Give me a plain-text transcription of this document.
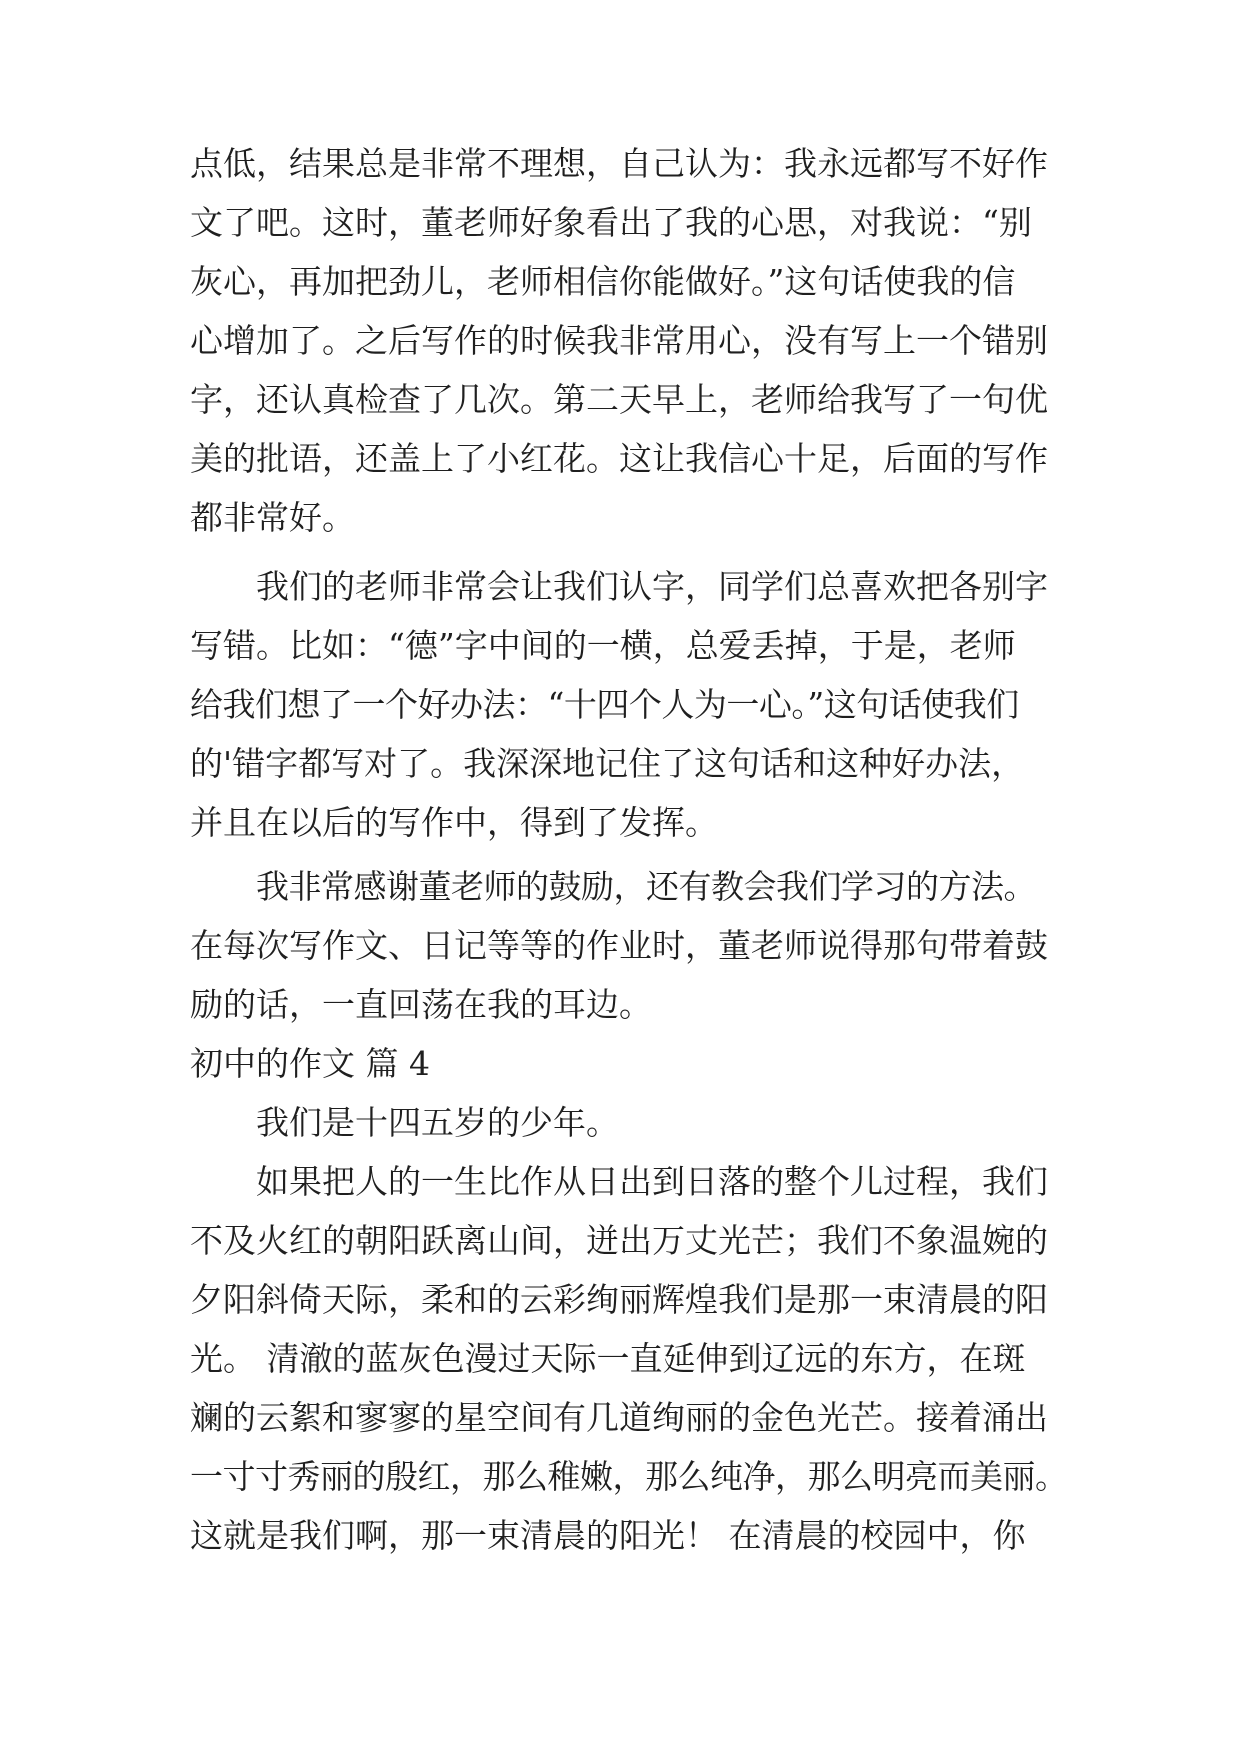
点低，结果总是非常不理想，自己认为：我永远都写不好作
文了吧。这时，董老师好象看出了我的心思，对我说：“别
灰心，再加把劲儿，老师相信你能做好。”这句话使我的信
心增加了。之后写作的时候我非常用心，没有写上一个错别
字，还认真检查了几次。第二天早上，老师给我写了一句优
美的批语，还盖上了小红花。这让我信心十足，后面的写作
都非常好。
我们的老师非常会让我们认字，同学们总喜欢把各别字
写错。比如：“德”字中间的一横，总爱丢掉，于是，老师
给我们想了一个好办法：“十四个人为一心。”这句话使我们
的'错字都写对了。我深深地记住了这句话和这种好办法，
并且在以后的写作中，得到了发挥。
我非常感谢董老师的鼓励，还有教会我们学习的方法。
在每次写作文、日记等等的作业时，董老师说得那句带着鼓
励的话，一直回荡在我的耳边。
初中的作文 篇 4
我们是十四五岁的少年。
如果把人的一生比作从日出到日落的整个儿过程，我们
不及火红的朝阳跃离山间，迸出万丈光芒；我们不象温婉的
夕阳斜倚天际，柔和的云彩绚丽辉煌我们是那一束清晨的阳
光。 清澈的蓝灰色漫过天际一直延伸到辽远的东方，在斑
斓的云絮和寥寥的星空间有几道绚丽的金色光芒。接着涌出
一寸寸秀丽的殷红，那么稚嫩，那么纯净，那么明亮而美丽。
这就是我们啊，那一束清晨的阳光！ 在清晨的校园中，你
